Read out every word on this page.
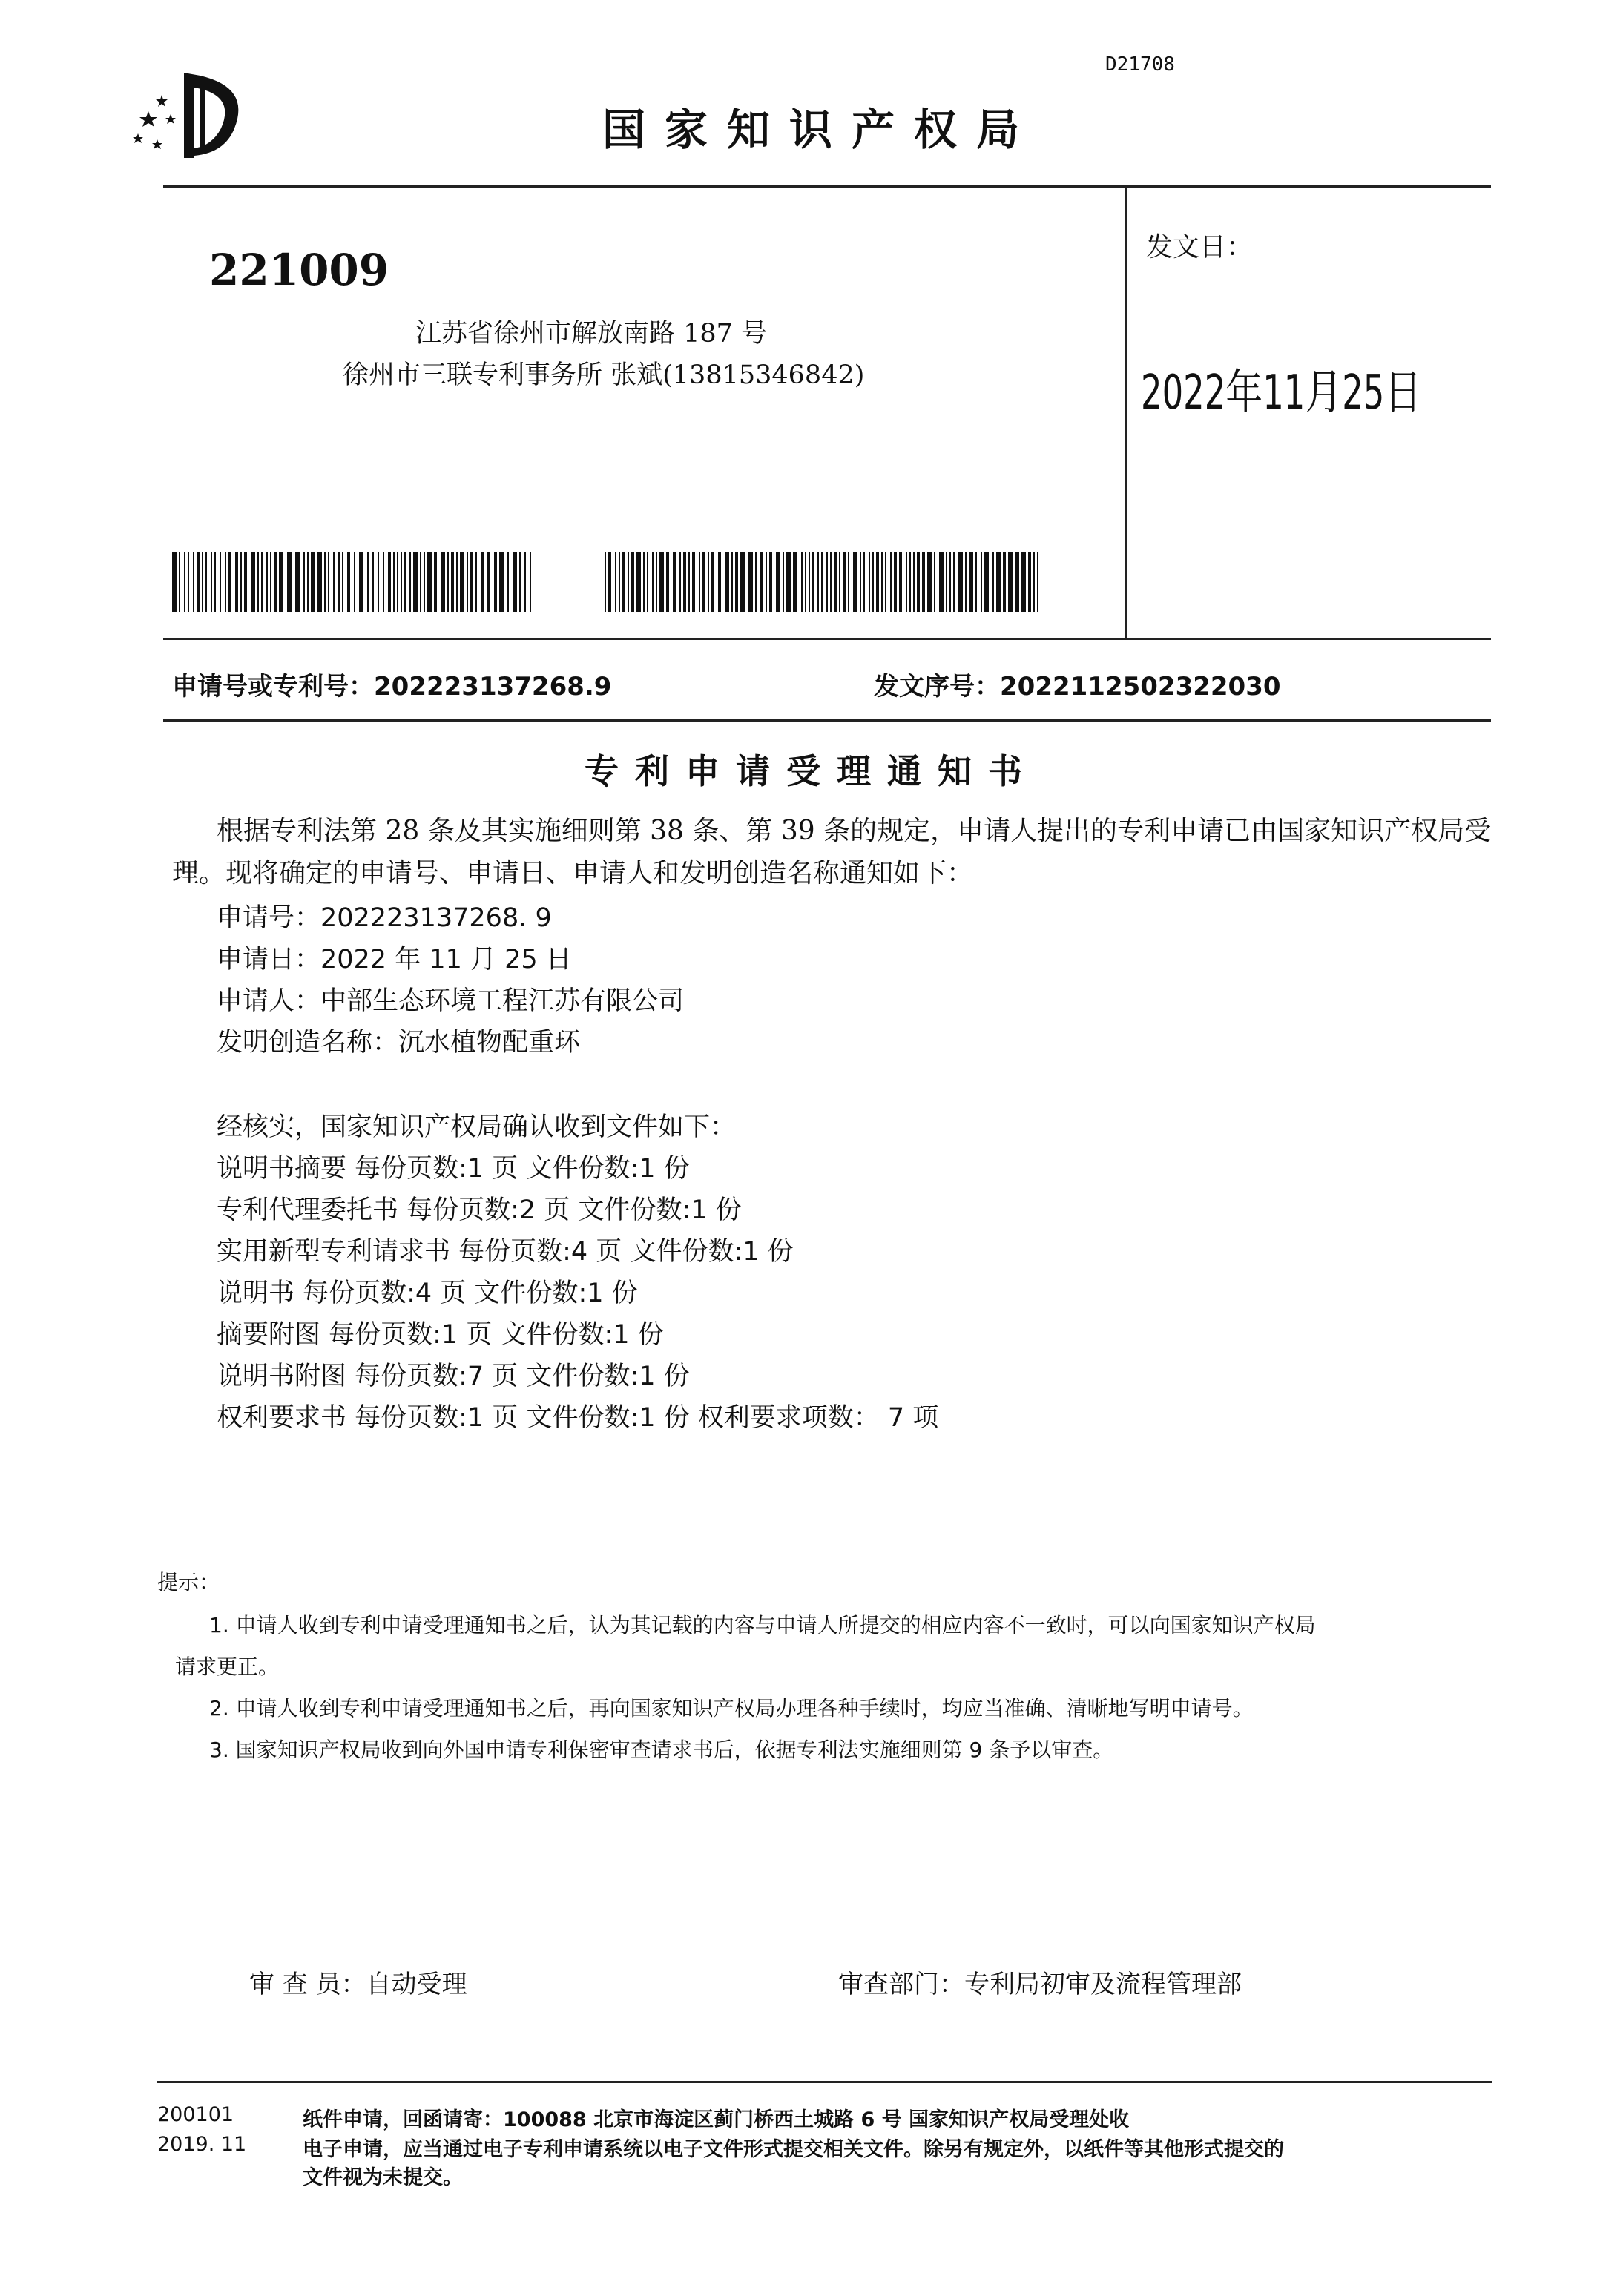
D21708
国家知识产权局
221009
江苏省徐州市解放南路 187 号
徐州市三联专利事务所 张斌(13815346842)
发文日：
2022年11月25日
申请号或专利号：202223137268.9	发文序号：2022112502322030
专利申请受理通知书
根据专利法第 28 条及其实施细则第 38 条、第 39 条的规定，申请人提出的专利申请已由国家知识产权局受理。现将确定的申请号、申请日、申请人和发明创造名称通知如下：
申请号：202223137268. 9
申请日：2022 年 11 月 25 日
申请人：中部生态环境工程江苏有限公司
发明创造名称：沉水植物配重环
经核实，国家知识产权局确认收到文件如下：
说明书摘要 每份页数:1 页 文件份数:1 份
专利代理委托书 每份页数:2 页 文件份数:1 份
实用新型专利请求书 每份页数:4 页 文件份数:1 份
说明书 每份页数:4 页 文件份数:1 份
摘要附图 每份页数:1 页 文件份数:1 份
说明书附图 每份页数:7 页 文件份数:1 份
权利要求书 每份页数:1 页 文件份数:1 份 权利要求项数： 7 项
提示：
1. 申请人收到专利申请受理通知书之后，认为其记载的内容与申请人所提交的相应内容不一致时，可以向国家知识产权局
请求更正。
2. 申请人收到专利申请受理通知书之后，再向国家知识产权局办理各种手续时，均应当准确、清晰地写明申请号。
3. 国家知识产权局收到向外国申请专利保密审查请求书后，依据专利法实施细则第 9 条予以审查。
审 查 员：自动受理	审查部门：专利局初审及流程管理部
200101
2019. 11
纸件申请，回函请寄：100088 北京市海淀区蓟门桥西土城路 6 号 国家知识产权局受理处收
电子申请，应当通过电子专利申请系统以电子文件形式提交相关文件。除另有规定外，以纸件等其他形式提交的
文件视为未提交。
